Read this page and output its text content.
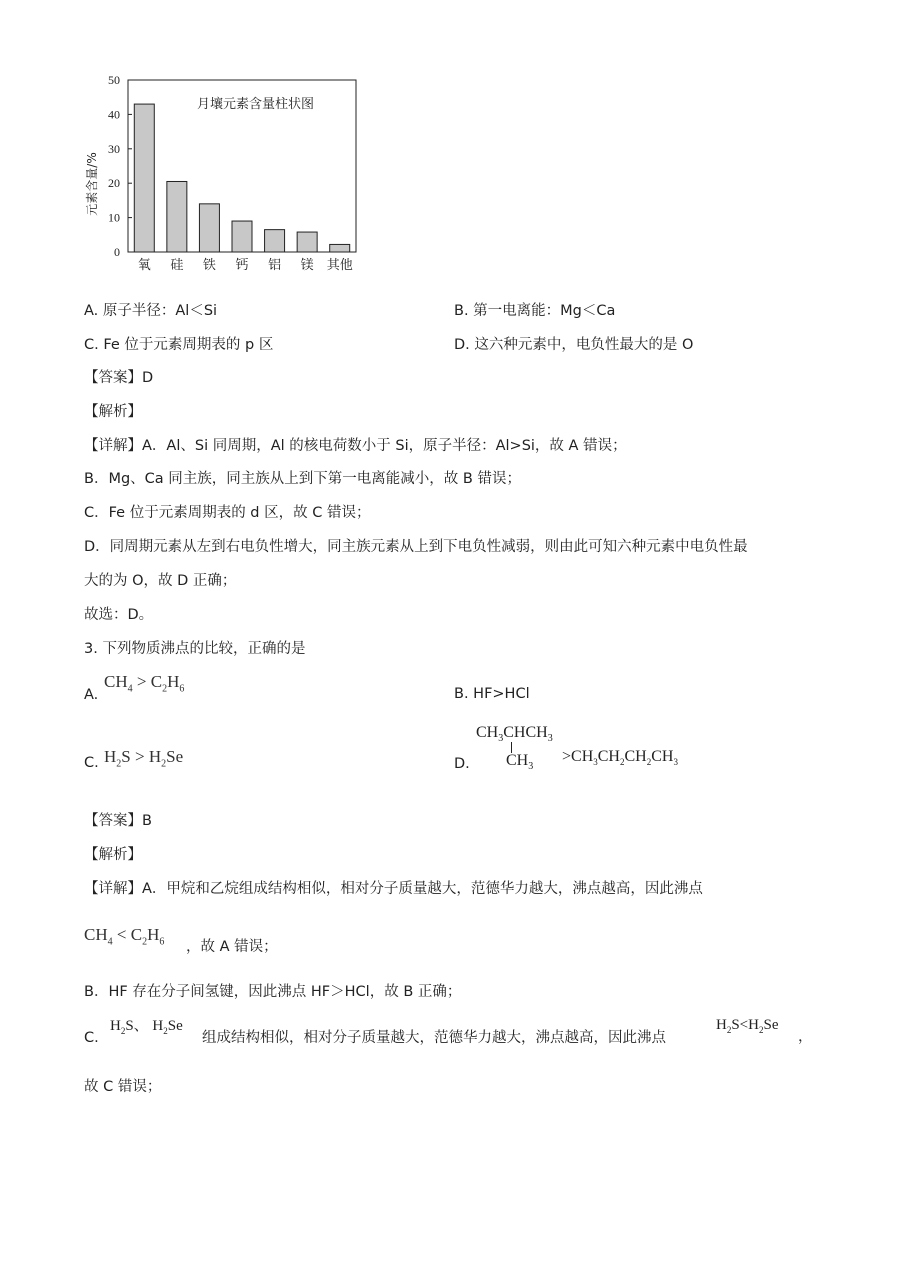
0
10
20
30
40
50
氧 硅 铁 钙 铝 镁 其他
月壤元素含量柱状图
元素含量/%
A. 原子半径：Al＜Si	B. 第一电离能：Mg＜Ca
C. Fe 位于元素周期表的 p 区	D. 这六种元素中，电负性最大的是 O
【答案】D
【解析】
【详解】A．Al、Si 同周期，Al 的核电荷数小于 Si，原子半径：Al>Si，故 A 错误；
B．Mg、Ca 同主族，同主族从上到下第一电离能减小，故 B 错误；
C．Fe 位于元素周期表的 d 区，故 C 错误；
D．同周期元素从左到右电负性增大，同主族元素从上到下电负性减弱，则由此可知六种元素中电负性最
大的为 O，故 D 正确；
故选：D。
3. 下列物质沸点的比较，正确的是
A.
$CH_4 > C_2H_6$	B. HF>HCl
C. $H_2S > H_2Se$	D.
$CH_3CHCH_3$
$CH_3$
$>CH_3CH_2CH_2CH_3$
【答案】B
【解析】
【详解】A．甲烷和乙烷组成结构相似，相对分子质量越大，范德华力越大，沸点越高，因此沸点
$CH_4 < C_2H_6$ ，故 A 错误；
B．HF 存在分子间氢键，因此沸点 HF＞HCl，故 B 正确；
C.
$H_2S$、 $H_2Se$
组成结构相似，相对分子质量越大，范德华力越大，沸点越高，因此沸点
$H_2S<H_2Se$
，
故 C 错误；
